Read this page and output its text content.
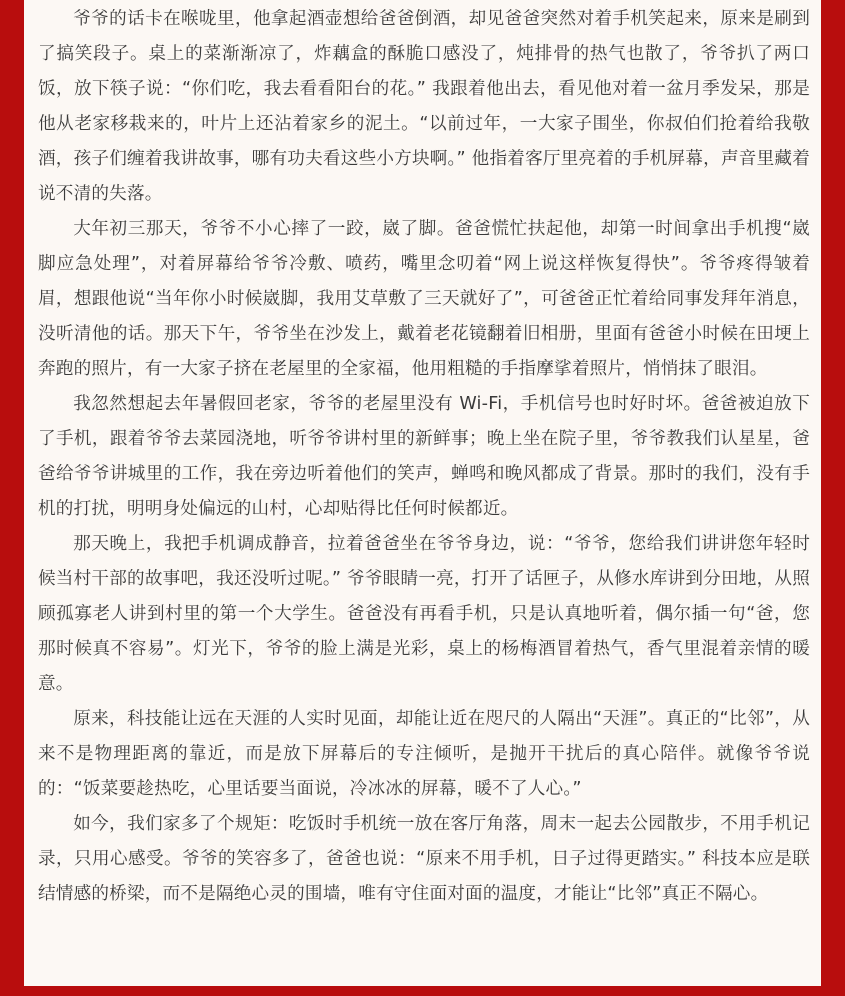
爷爷的话卡在喉咙里，他拿起酒壶想给爸爸倒酒，却见爸爸突然对着手机笑起来，原来是刷到了搞笑段子。桌上的菜渐渐凉了，炸藕盒的酥脆口感没了，炖排骨的热气也散了，爷爷扒了两口饭，放下筷子说：“你们吃，我去看看阳台的花。” 我跟着他出去，看见他对着一盆月季发呆，那是他从老家移栽来的，叶片上还沾着家乡的泥土。“以前过年，一大家子围坐，你叔伯们抢着给我敬酒，孩子们缠着我讲故事，哪有功夫看这些小方块啊。” 他指着客厅里亮着的手机屏幕，声音里藏着说不清的失落。

大年初三那天，爷爷不小心摔了一跤，崴了脚。爸爸慌忙扶起他，却第一时间拿出手机搜“崴脚应急处理”，对着屏幕给爷爷冷敷、喷药，嘴里念叨着“网上说这样恢复得快”。爷爷疼得皱着眉，想跟他说“当年你小时候崴脚，我用艾草敷了三天就好了”，可爸爸正忙着给同事发拜年消息，没听清他的话。那天下午，爷爷坐在沙发上，戴着老花镜翻着旧相册，里面有爸爸小时候在田埂上奔跑的照片，有一大家子挤在老屋里的全家福，他用粗糙的手指摩挲着照片，悄悄抹了眼泪。

我忽然想起去年暑假回老家，爷爷的老屋里没有 Wi-Fi，手机信号也时好时坏。爸爸被迫放下了手机，跟着爷爷去菜园浇地，听爷爷讲村里的新鲜事；晚上坐在院子里，爷爷教我们认星星，爸爸给爷爷讲城里的工作，我在旁边听着他们的笑声，蝉鸣和晚风都成了背景。那时的我们，没有手机的打扰，明明身处偏远的山村，心却贴得比任何时候都近。

那天晚上，我把手机调成静音，拉着爸爸坐在爷爷身边，说：“爷爷，您给我们讲讲您年轻时候当村干部的故事吧，我还没听过呢。” 爷爷眼睛一亮，打开了话匣子，从修水库讲到分田地，从照顾孤寡老人讲到村里的第一个大学生。爸爸没有再看手机，只是认真地听着，偶尔插一句“爸，您那时候真不容易”。灯光下，爷爷的脸上满是光彩，桌上的杨梅酒冒着热气，香气里混着亲情的暖意。

原来，科技能让远在天涯的人实时见面，却能让近在咫尺的人隔出“天涯”。真正的“比邻”，从来不是物理距离的靠近，而是放下屏幕后的专注倾听，是抛开干扰后的真心陪伴。就像爷爷说的：“饭菜要趁热吃，心里话要当面说，冷冰冰的屏幕，暖不了人心。”

如今，我们家多了个规矩：吃饭时手机统一放在客厅角落，周末一起去公园散步，不用手机记录，只用心感受。爷爷的笑容多了，爸爸也说：“原来不用手机，日子过得更踏实。” 科技本应是联结情感的桥梁，而不是隔绝心灵的围墙，唯有守住面对面的温度，才能让“比邻”真正不隔心。
